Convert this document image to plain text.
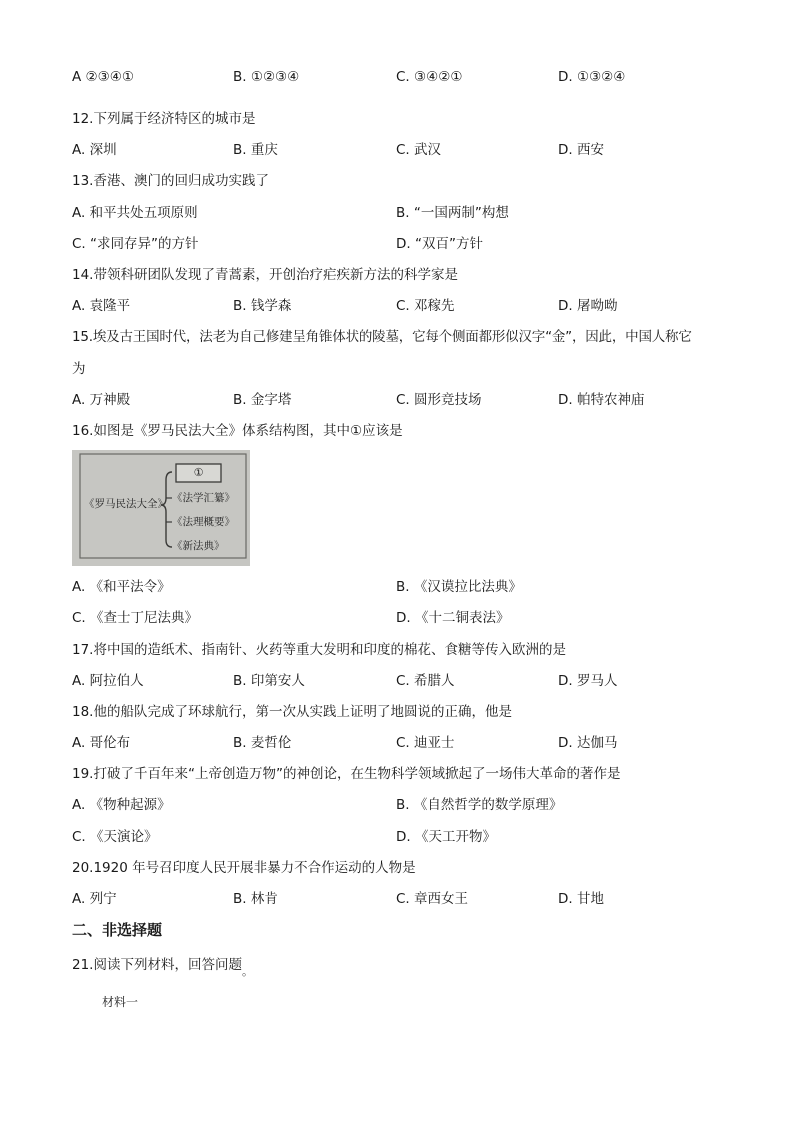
A ②③④①	B. ①②③④	C. ③④②①	D. ①③②④
12.下列属于经济特区的城市是
A. 深圳	B. 重庆	C. 武汉	D. 西安
13.香港、澳门的回归成功实践了
A. 和平共处五项原则	B. “一国两制”构想
C. “求同存异”的方针	D. “双百”方针
14.带领科研团队发现了青蒿素，开创治疗疟疾新方法的科学家是
A. 袁隆平	B. 钱学森	C. 邓稼先	D. 屠呦呦
15.埃及古王国时代，法老为自己修建呈角锥体状的陵墓，它每个侧面都形似汉字“金”，因此，中国人称它
为
A. 万神殿	B. 金字塔	C. 圆形竞技场	D. 帕特农神庙
16.如图是《罗马民法大全》体系结构图，其中①应该是
《罗马民法大全》
①
《法学汇纂》
《法理概要》
《新法典》
A. 《和平法令》	B. 《汉谟拉比法典》
C. 《查士丁尼法典》	D. 《十二铜表法》
17.将中国的造纸术、指南针、火药等重大发明和印度的棉花、食糖等传入欧洲的是
A. 阿拉伯人	B. 印第安人	C. 希腊人	D. 罗马人
18.他的船队完成了环球航行，第一次从实践上证明了地圆说的正确，他是
A. 哥伦布	B. 麦哲伦	C. 迪亚士	D. 达伽马
19.打破了千百年来“上帝创造万物”的神创论，在生物科学领域掀起了一场伟大革命的著作是
A. 《物种起源》	B. 《自然哲学的数学原理》
C. 《天演论》	D. 《天工开物》
20.1920 年号召印度人民开展非暴力不合作运动的人物是
A. 列宁	B. 林肯	C. 章西女王	D. 甘地
二、非选择题
21.阅读下列材料，回答问题$_。$
材料一
